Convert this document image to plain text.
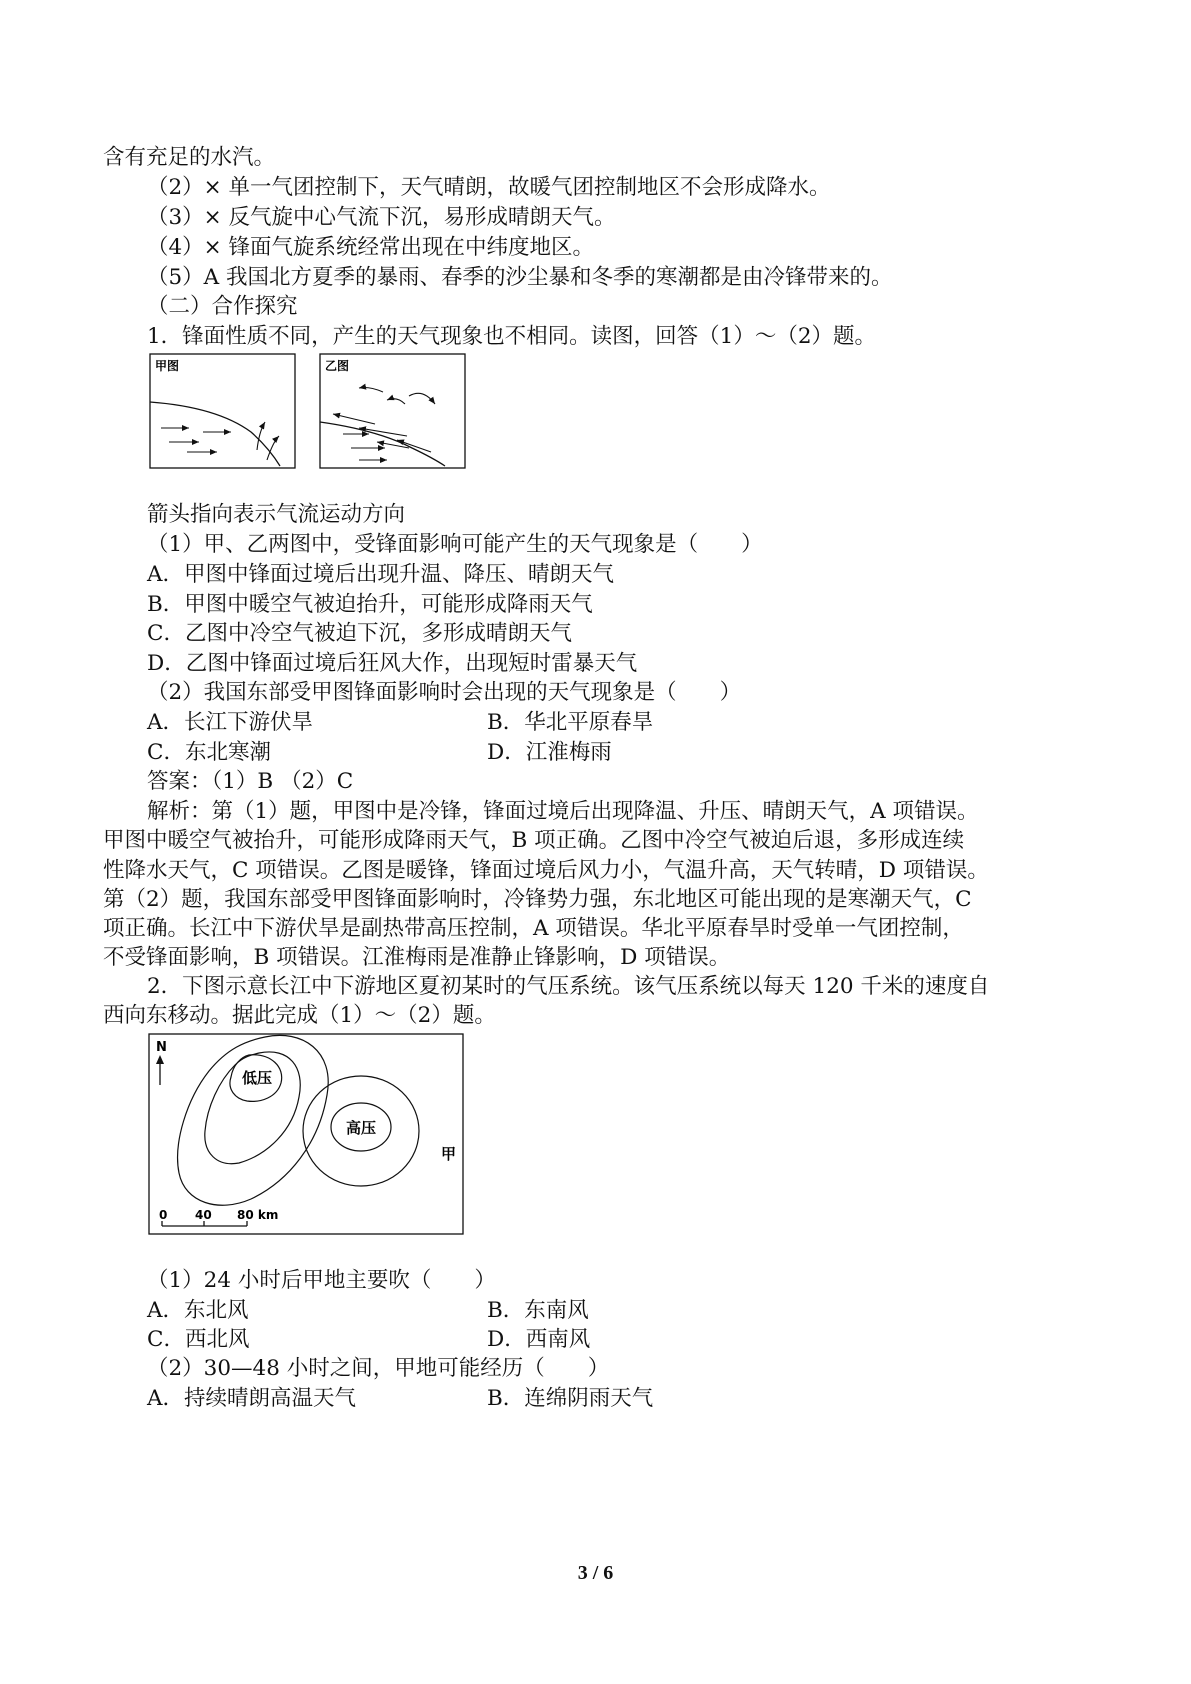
含有充足的水汽。
（2）× 单一气团控制下，天气晴朗，故暖气团控制地区不会形成降水。
（3）× 反气旋中心气流下沉，易形成晴朗天气。
（4）× 锋面气旋系统经常出现在中纬度地区。
（5）A 我国北方夏季的暴雨、春季的沙尘暴和冬季的寒潮都是由冷锋带来的。
（二）合作探究
1．锋面性质不同，产生的天气现象也不相同。读图，回答（1）～（2）题。
甲图	乙图
箭头指向表示气流运动方向
（1）甲、乙两图中，受锋面影响可能产生的天气现象是（　　）
A．甲图中锋面过境后出现升温、降压、晴朗天气
B．甲图中暖空气被迫抬升，可能形成降雨天气
C．乙图中冷空气被迫下沉，多形成晴朗天气
D．乙图中锋面过境后狂风大作，出现短时雷暴天气
（2）我国东部受甲图锋面影响时会出现的天气现象是（　　）
A．长江下游伏旱	B．华北平原春旱
C．东北寒潮	D．江淮梅雨
答案：（1）B （2）C
解析：第（1）题，甲图中是冷锋，锋面过境后出现降温、升压、晴朗天气，A 项错误。
甲图中暖空气被抬升，可能形成降雨天气，B 项正确。乙图中冷空气被迫后退，多形成连续
性降水天气，C 项错误。乙图是暖锋，锋面过境后风力小，气温升高，天气转晴，D 项错误。
第（2）题，我国东部受甲图锋面影响时，冷锋势力强，东北地区可能出现的是寒潮天气，C
项正确。长江中下游伏旱是副热带高压控制，A 项错误。华北平原春旱时受单一气团控制，
不受锋面影响，B 项错误。江淮梅雨是准静止锋影响，D 项错误。
2．下图示意长江中下游地区夏初某时的气压系统。该气压系统以每天 120 千米的速度自
西向东移动。据此完成（1）～（2）题。
N
低压
高压
甲
0 40 80 km
（1）24 小时后甲地主要吹（　　）
A．东北风	B．东南风
C．西北风	D．西南风
（2）30—48 小时之间，甲地可能经历（　　）
A．持续晴朗高温天气	B．连绵阴雨天气
3 / 6
